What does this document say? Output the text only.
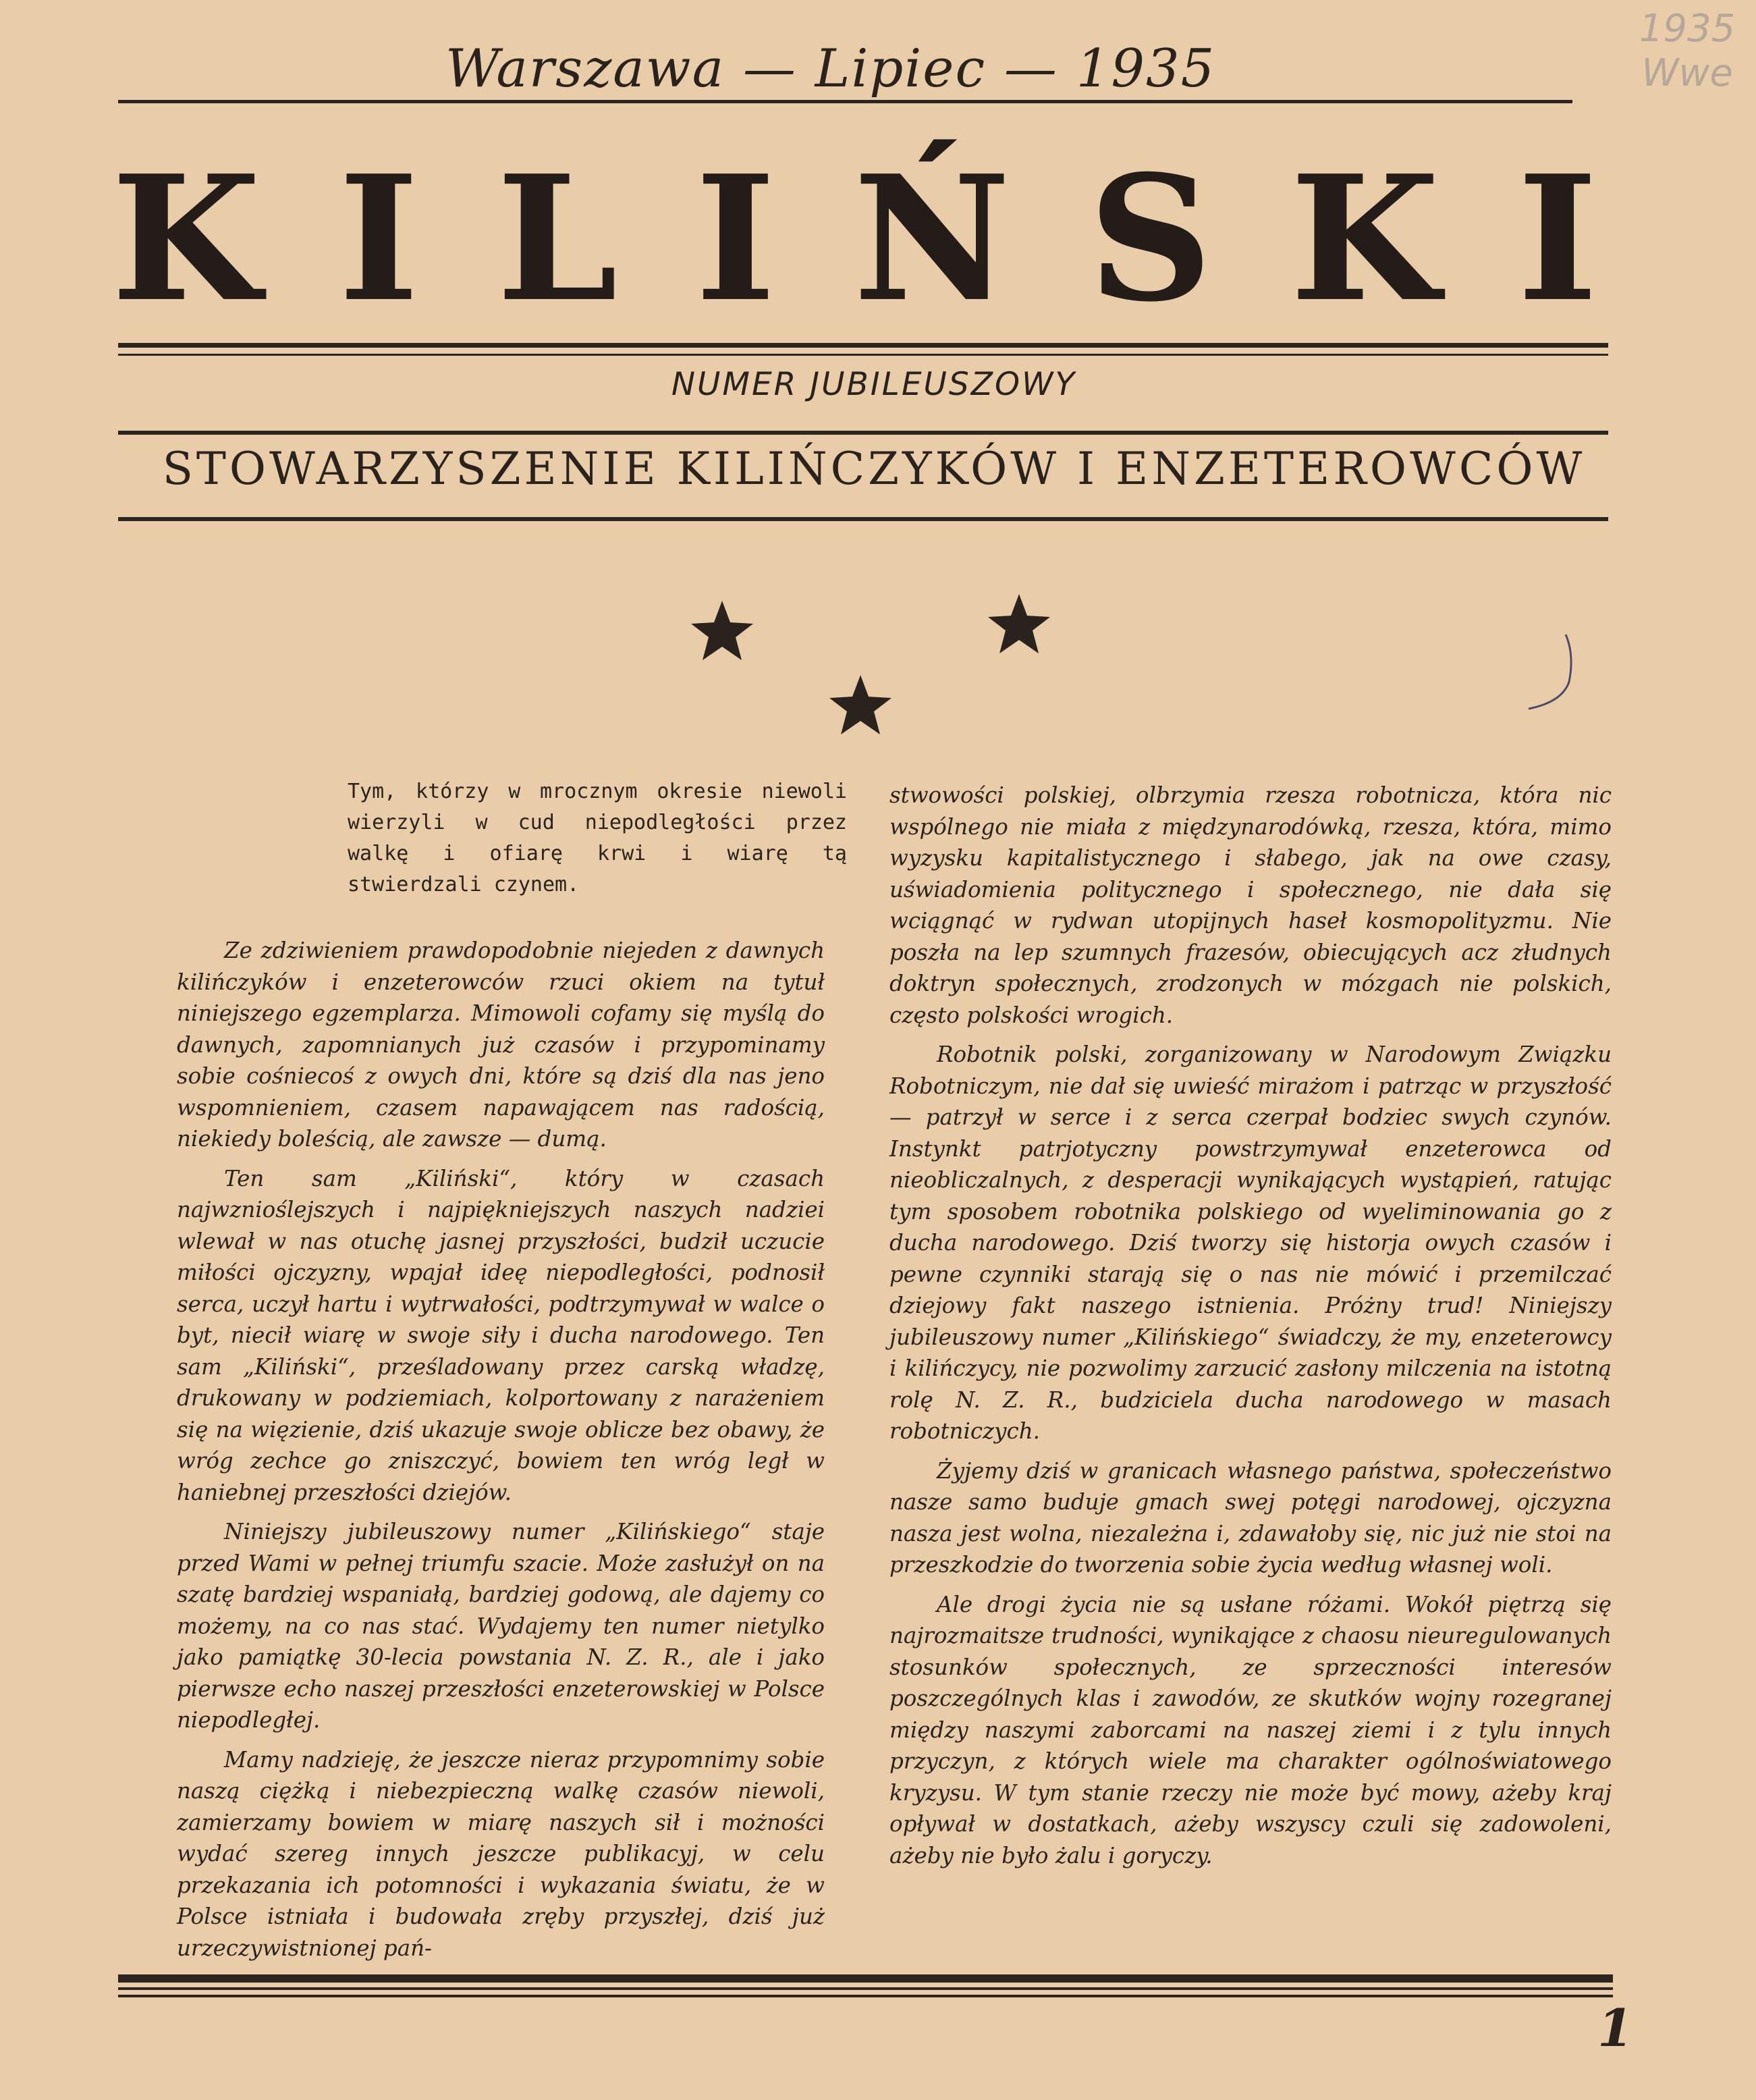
Warszawa — Lipiec — 1935
1935 Wwe
KILIŃSKI
NUMER JUBILEUSZOWY
STOWARZYSZENIE KILIŃCZYKÓW I ENZETEROWCÓW
Tym, którzy w mrocznym okresie niewoli wierzyli w cud niepodległości przez walkę i ofiarę krwi i wiarę tą stwierdzali czynem.

Ze zdziwieniem prawdopodobnie niejeden z dawnych kilińczyków i enzeterowców rzuci okiem na tytuł niniejszego egzemplarza. Mimowoli cofamy się myślą do dawnych, zapomnianych już czasów i przypominamy sobie cośniecoś z owych dni, które są dziś dla nas jeno wspomnieniem, czasem napawającem nas radością, niekiedy boleścią, ale zawsze — dumą.

Ten sam „Kiliński“, który w czasach najwznioślejszych i najpiękniejszych naszych nadziei wlewał w nas otuchę jasnej przyszłości, budził uczucie miłości ojczyzny, wpajał ideę niepodległości, podnosił serca, uczył hartu i wytrwałości, podtrzymywał w walce o byt, niecił wiarę w swoje siły i ducha narodowego. Ten sam „Kiliński“, prześladowany przez carską władzę, drukowany w podziemiach, kolportowany z narażeniem się na więzienie, dziś ukazuje swoje oblicze bez obawy, że wróg zechce go zniszczyć, bowiem ten wróg legł w haniebnej przeszłości dziejów.

Niniejszy jubileuszowy numer „Kilińskiego“ staje przed Wami w pełnej triumfu szacie. Może zasłużył on na szatę bardziej wspaniałą, bardziej godową, ale dajemy co możemy, na co nas stać. Wydajemy ten numer nietylko jako pamiątkę 30-lecia powstania N. Z. R., ale i jako pierwsze echo naszej przeszłości enzeterowskiej w Polsce niepodległej.

Mamy nadzieję, że jeszcze nieraz przypomnimy sobie naszą ciężką i niebezpieczną walkę czasów niewoli, zamierzamy bowiem w miarę naszych sił i możności wydać szereg innych jeszcze publikacyj, w celu przekazania ich potomności i wykazania światu, że w Polsce istniała i budowała zręby przyszłej, dziś już urzeczywistnionej pań-

stwowości polskiej, olbrzymia rzesza robotnicza, która nic wspólnego nie miała z międzynarodówką, rzesza, która, mimo wyzysku kapitalistycznego i słabego, jak na owe czasy, uświadomienia politycznego i społecznego, nie dała się wciągnąć w rydwan utopijnych haseł kosmopolityzmu. Nie poszła na lep szumnych frazesów, obiecujących acz złudnych doktryn społecznych, zrodzonych w mózgach nie polskich, często polskości wrogich.

Robotnik polski, zorganizowany w Narodowym Związku Robotniczym, nie dał się uwieść mirażom i patrząc w przyszłość — patrzył w serce i z serca czerpał bodziec swych czynów. Instynkt patrjotyczny powstrzymywał enzeterowca od nieobliczalnych, z desperacji wynikających wystąpień, ratując tym sposobem robotnika polskiego od wyeliminowania go z ducha narodowego. Dziś tworzy się historja owych czasów i pewne czynniki starają się o nas nie mówić i przemilczać dziejowy fakt naszego istnienia. Próżny trud! Niniejszy jubileuszowy numer „Kilińskiego“ świadczy, że my, enzeterowcy i kilińczycy, nie pozwolimy zarzucić zasłony milczenia na istotną rolę N. Z. R., budziciela ducha narodowego w masach robotniczych.

Żyjemy dziś w granicach własnego państwa, społeczeństwo nasze samo buduje gmach swej potęgi narodowej, ojczyzna nasza jest wolna, niezależna i, zdawałoby się, nic już nie stoi na przeszkodzie do tworzenia sobie życia według własnej woli.

Ale drogi życia nie są usłane różami. Wokół piętrzą się najrozmaitsze trudności, wynikające z chaosu nieuregulowanych stosunków społecznych, ze sprzeczności interesów poszczególnych klas i zawodów, ze skutków wojny rozegranej między naszymi zaborcami na naszej ziemi i z tylu innych przyczyn, z których wiele ma charakter ogólnoświatowego kryzysu. W tym stanie rzeczy nie może być mowy, ażeby kraj opływał w dostatkach, ażeby wszyscy czuli się zadowoleni, ażeby nie było żalu i goryczy.

1
